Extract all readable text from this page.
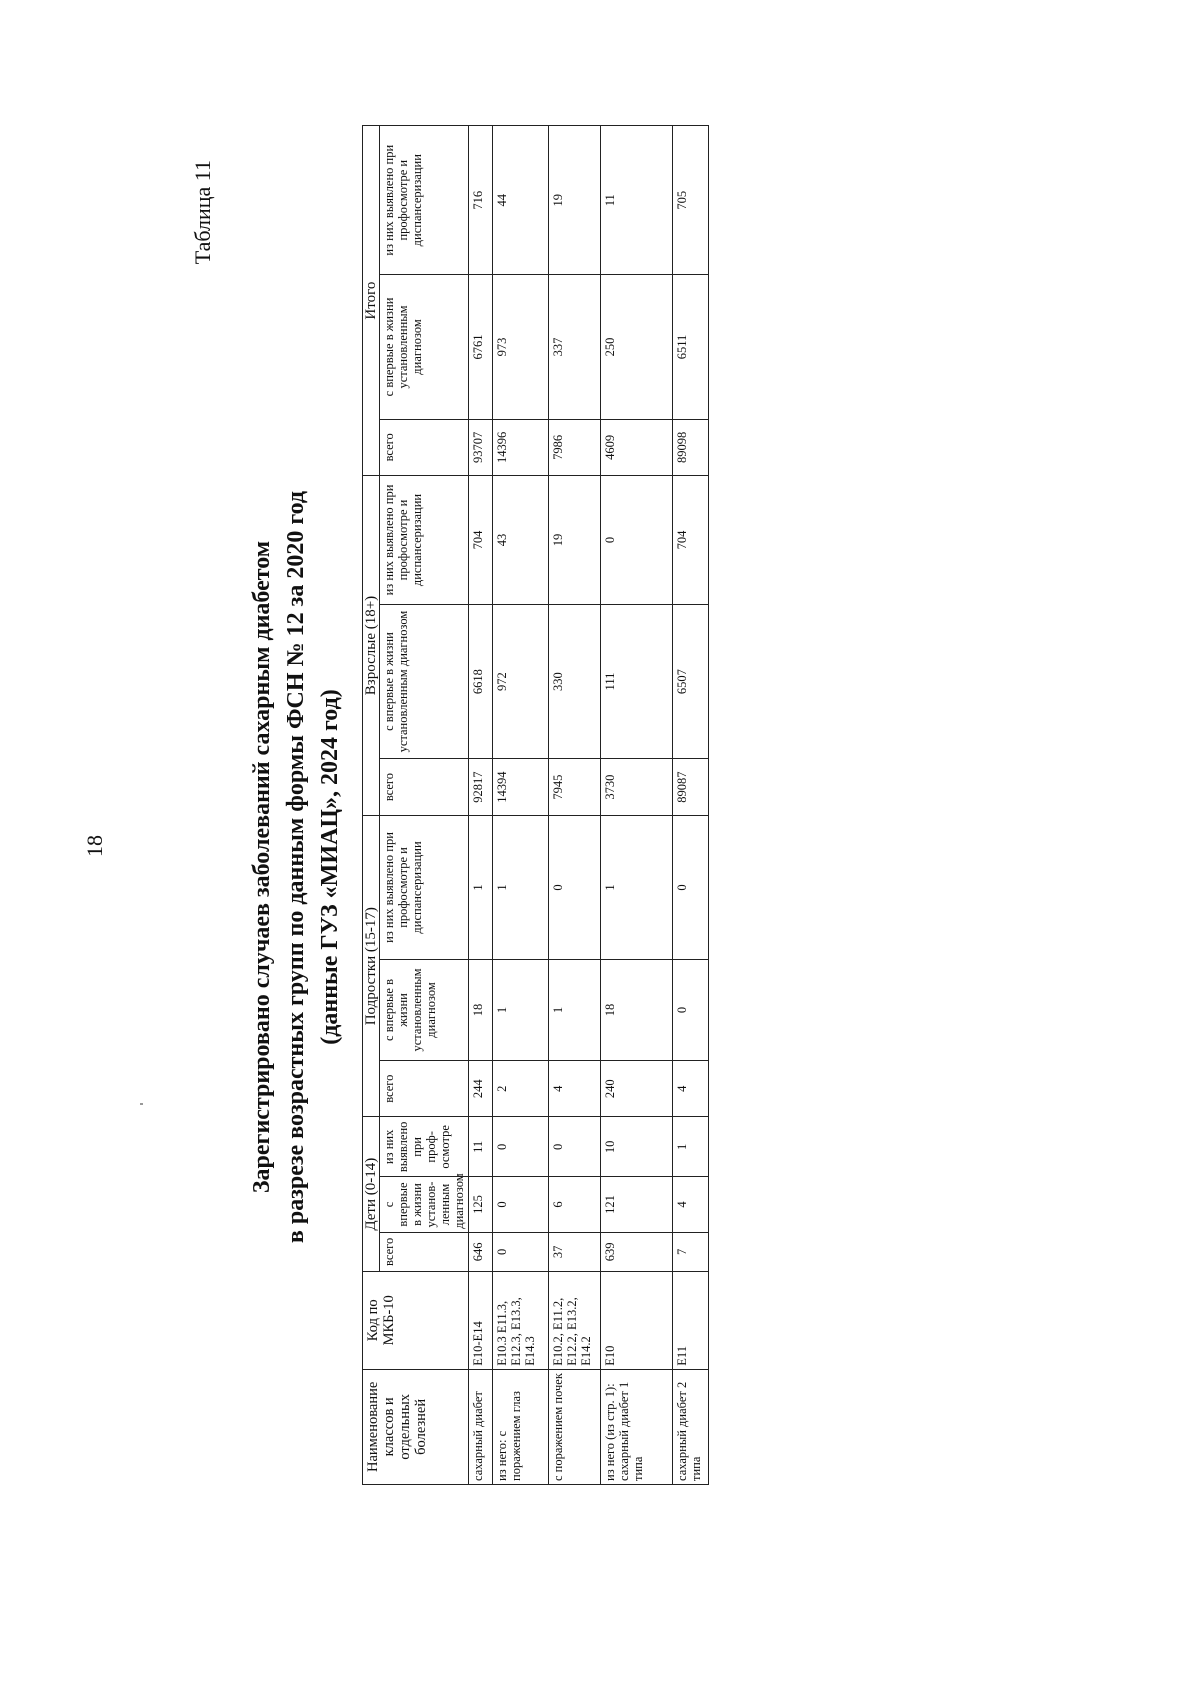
18
Таблица 11
Зарегистрировано случаев заболеваний сахарным диабетом в разрезе возрастных групп по данным формы ФСН № 12 за 2020 год (данные ГУЗ «МИАЦ», 2024 год)
Наименование классов и отдельных болезней	Код по МКБ-10	Дети (0-14)			Подростки (15-17)			Взрослые (18+)			Итого		
		всего	с впервые в жизни установ-ленным диагнозом	из них выявлено при проф-осмотре	всего	с впервые в жизни установленным диагнозом	из них выявлено при профосмотре и диспансеризации	всего	с впервые в жизни установленным диагнозом	из них выявлено при профосмотре и диспансеризации	всего	с впервые в жизни установленным диагнозом	из них выявлено при профосмотре и диспансеризации
сахарный диабет	E10-E14	646	125	11	244	18	1	92817	6618	704	93707	6761	716
из него: с поражением глаз	E10.3 E11.3, E12.3, E13.3, E14.3	0	0	0	2	1	1	14394	972	43	14396	973	44
с поражением почек	E10.2, E11.2, E12.2, E13.2, E14.2	37	6	0	4	1	0	7945	330	19	7986	337	19
из него (из стр. 1): сахарный диабет 1 типа	E10	639	121	10	240	18	1	3730	111	0	4609	250	11
сахарный диабет 2 типа	E11	7	4	1	4	0	0	89087	6507	704	89098	6511	705
